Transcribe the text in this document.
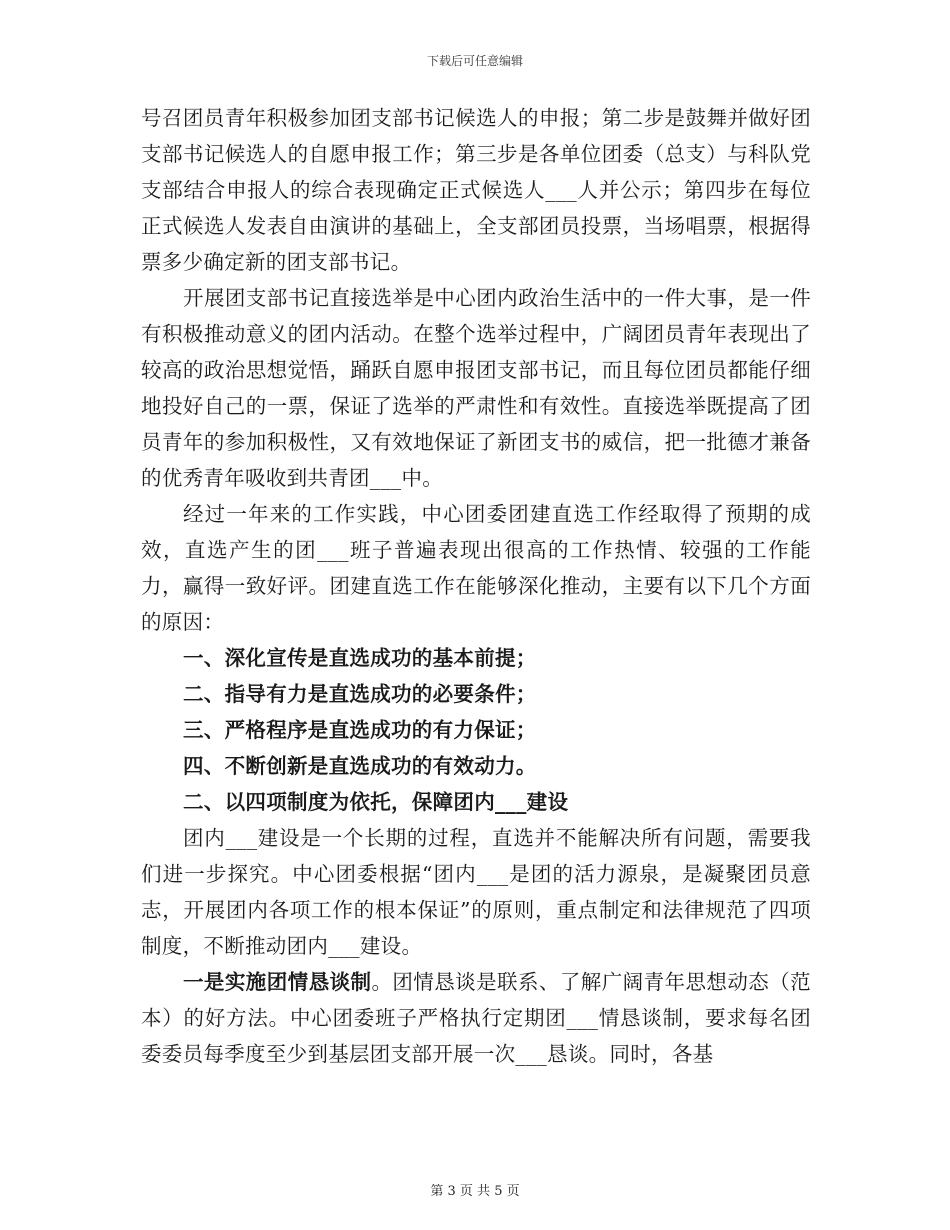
下载后可任意编辑

号召团员青年积极参加团支部书记候选人的申报；第二步是鼓舞并做好团支部书记候选人的自愿申报工作；第三步是各单位团委（总支）与科队党支部结合申报人的综合表现确定正式候选人___人并公示；第四步在每位正式候选人发表自由演讲的基础上，全支部团员投票，当场唱票，根据得票多少确定新的团支部书记。

开展团支部书记直接选举是中心团内政治生活中的一件大事，是一件有积极推动意义的团内活动。在整个选举过程中，广阔团员青年表现出了较高的政治思想觉悟，踊跃自愿申报团支部书记，而且每位团员都能仔细地投好自己的一票，保证了选举的严肃性和有效性。直接选举既提高了团员青年的参加积极性，又有效地保证了新团支书的威信，把一批德才兼备的优秀青年吸收到共青团___中。

经过一年来的工作实践，中心团委团建直选工作经取得了预期的成效，直选产生的团___班子普遍表现出很高的工作热情、较强的工作能力，赢得一致好评。团建直选工作在能够深化推动，主要有以下几个方面的原因：

一、深化宣传是直选成功的基本前提；

二、指导有力是直选成功的必要条件；

三、严格程序是直选成功的有力保证；

四、不断创新是直选成功的有效动力。

二、以四项制度为依托，保障团内___建设

团内___建设是一个长期的过程，直选并不能解决所有问题，需要我们进一步探究。中心团委根据“团内___是团的活力源泉，是凝聚团员意志，开展团内各项工作的根本保证”的原则，重点制定和法律规范了四项制度，不断推动团内___建设。

一是实施团情恳谈制。团情恳谈是联系、了解广阔青年思想动态（范本）的好方法。中心团委班子严格执行定期团___情恳谈制，要求每名团委委员每季度至少到基层团支部开展一次___恳谈。同时，各基

第 3 页 共 5 页
